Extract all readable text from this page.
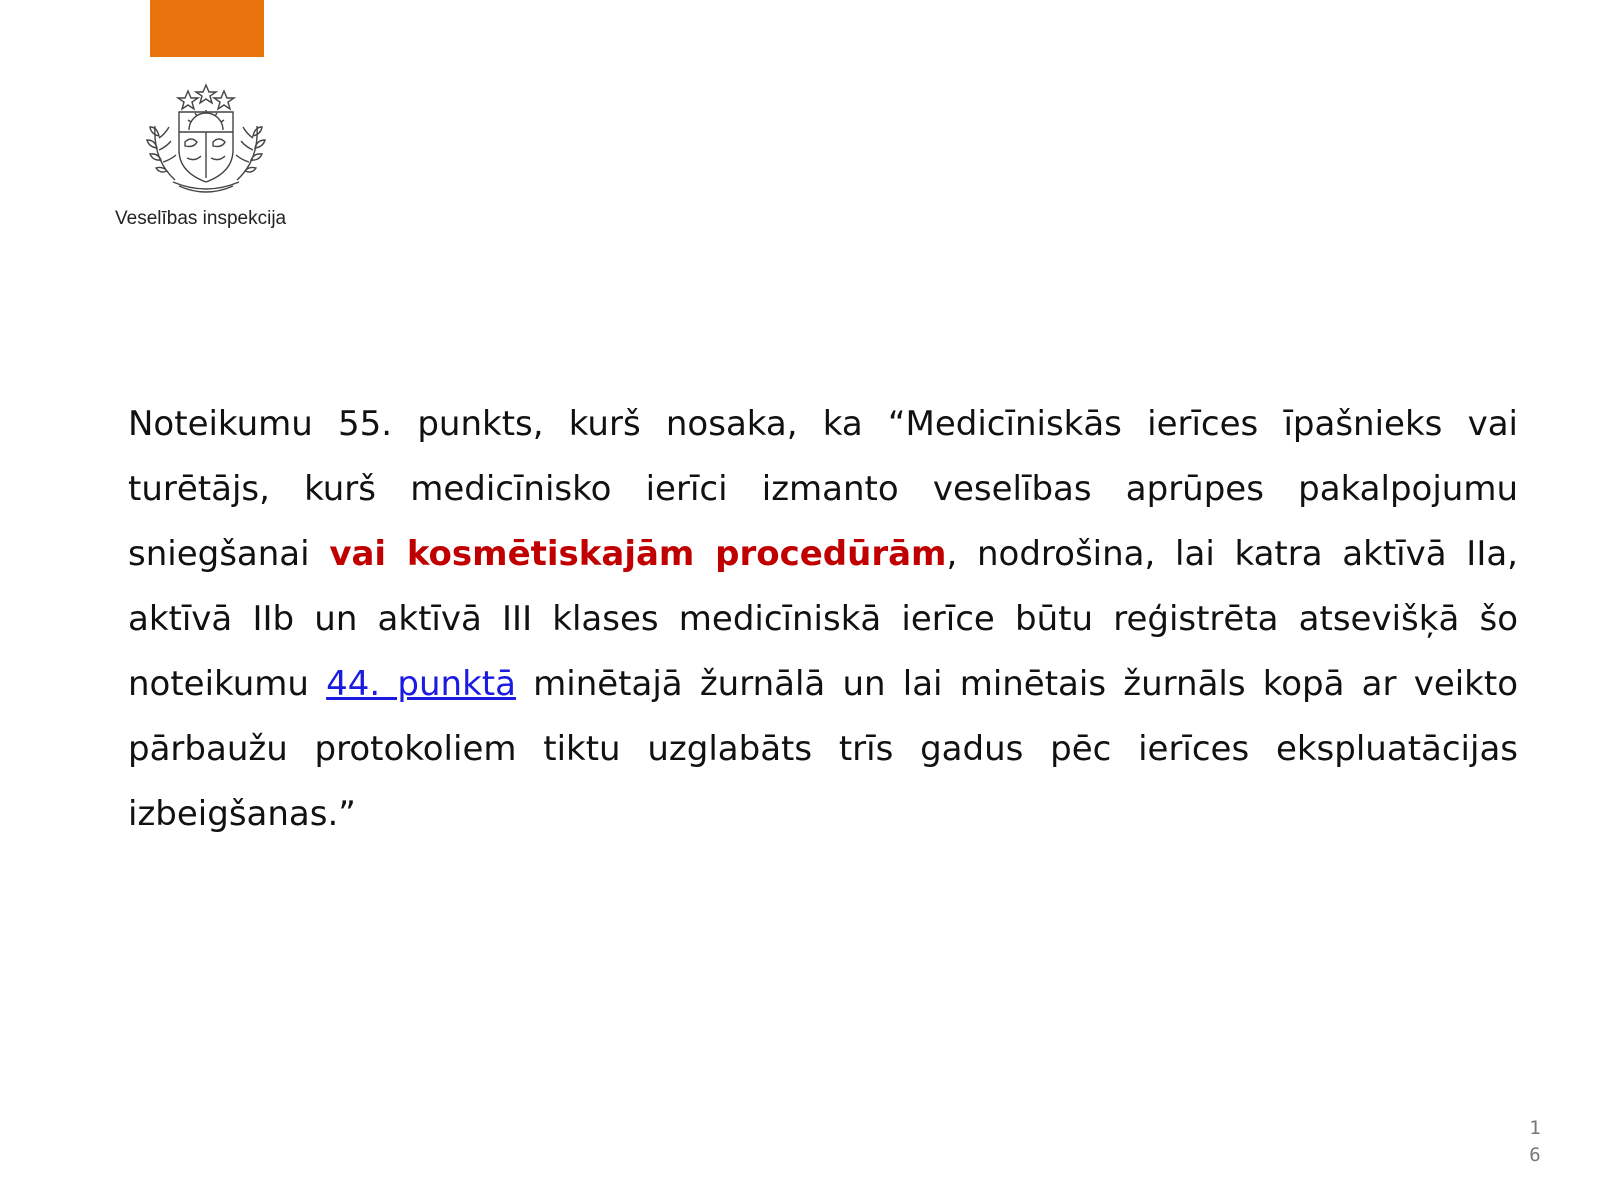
Veselības inspekcija
Noteikumu 55. punkts, kurš nosaka, ka “Medicīniskās ierīces īpašnieks vai turētājs, kurš medicīnisko ierīci izmanto veselības aprūpes pakalpojumu sniegšanai vai kosmētiskajām procedūrām, nodrošina, lai katra aktīvā IIa, aktīvā IIb un aktīvā III klases medicīniskā ierīce būtu reģistrēta atsevišķā šo noteikumu 44. punktā minētajā žurnālā un lai minētais žurnāls kopā ar veikto pārbaužu protokoliem tiktu uzglabāts trīs gadus pēc ierīces ekspluatācijas izbeigšanas.”
16
